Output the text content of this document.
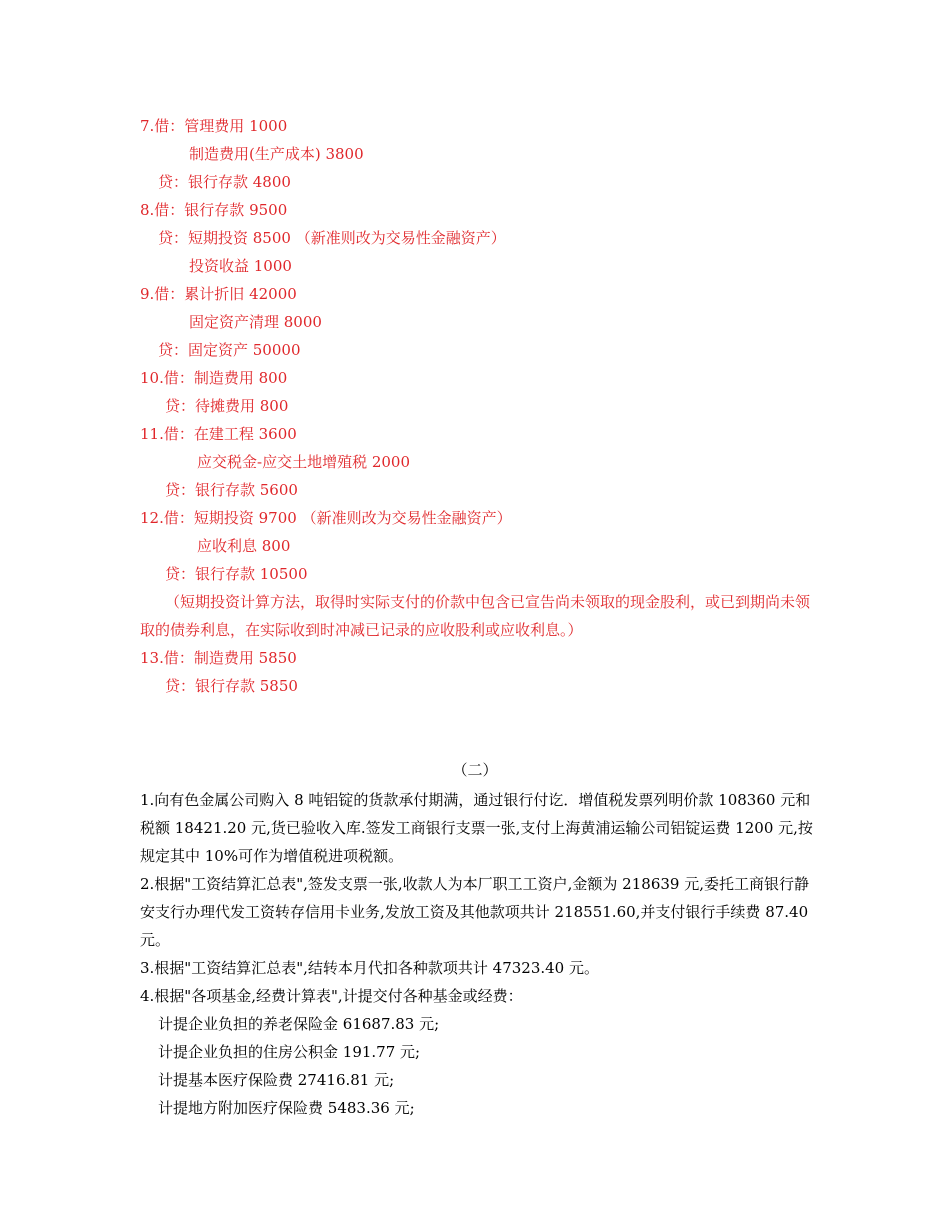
7.借：管理费用 1000
制造费用(生产成本) 3800
贷：银行存款 4800
8.借：银行存款 9500
贷：短期投资 8500 （新准则改为交易性金融资产）
投资收益 1000
9.借：累计折旧 42000
固定资产清理 8000
贷：固定资产 50000
10.借：制造费用 800
贷：待摊费用 800
11.借：在建工程 3600
应交税金-应交土地增殖税 2000
贷：银行存款 5600
12.借：短期投资 9700 （新准则改为交易性金融资产）
应收利息 800
贷：银行存款 10500
（短期投资计算方法，取得时实际支付的价款中包含已宣告尚未领取的现金股利，或已到期尚未领取的债券利息，在实际收到时冲减已记录的应收股利或应收利息。）
13.借：制造费用 5850
贷：银行存款 5850
（二）
1.向有色金属公司购入 8 吨铝锭的货款承付期满，通过银行付讫．增值税发票列明价款 108360 元和税额 18421.20 元,货已验收入库.签发工商银行支票一张,支付上海黄浦运输公司铝锭运费 1200 元,按规定其中 10%可作为增值税进项税额。
2.根据"工资结算汇总表",签发支票一张,收款人为本厂职工工资户,金额为 218639 元,委托工商银行静安支行办理代发工资转存信用卡业务,发放工资及其他款项共计 218551.60,并支付银行手续费 87.40 元。
3.根据"工资结算汇总表",结转本月代扣各种款项共计 47323.40 元。
4.根据"各项基金,经费计算表",计提交付各种基金或经费：
计提企业负担的养老保险金 61687.83 元;
计提企业负担的住房公积金 191.77 元;
计提基本医疗保险费 27416.81 元;
计提地方附加医疗保险费 5483.36 元;
